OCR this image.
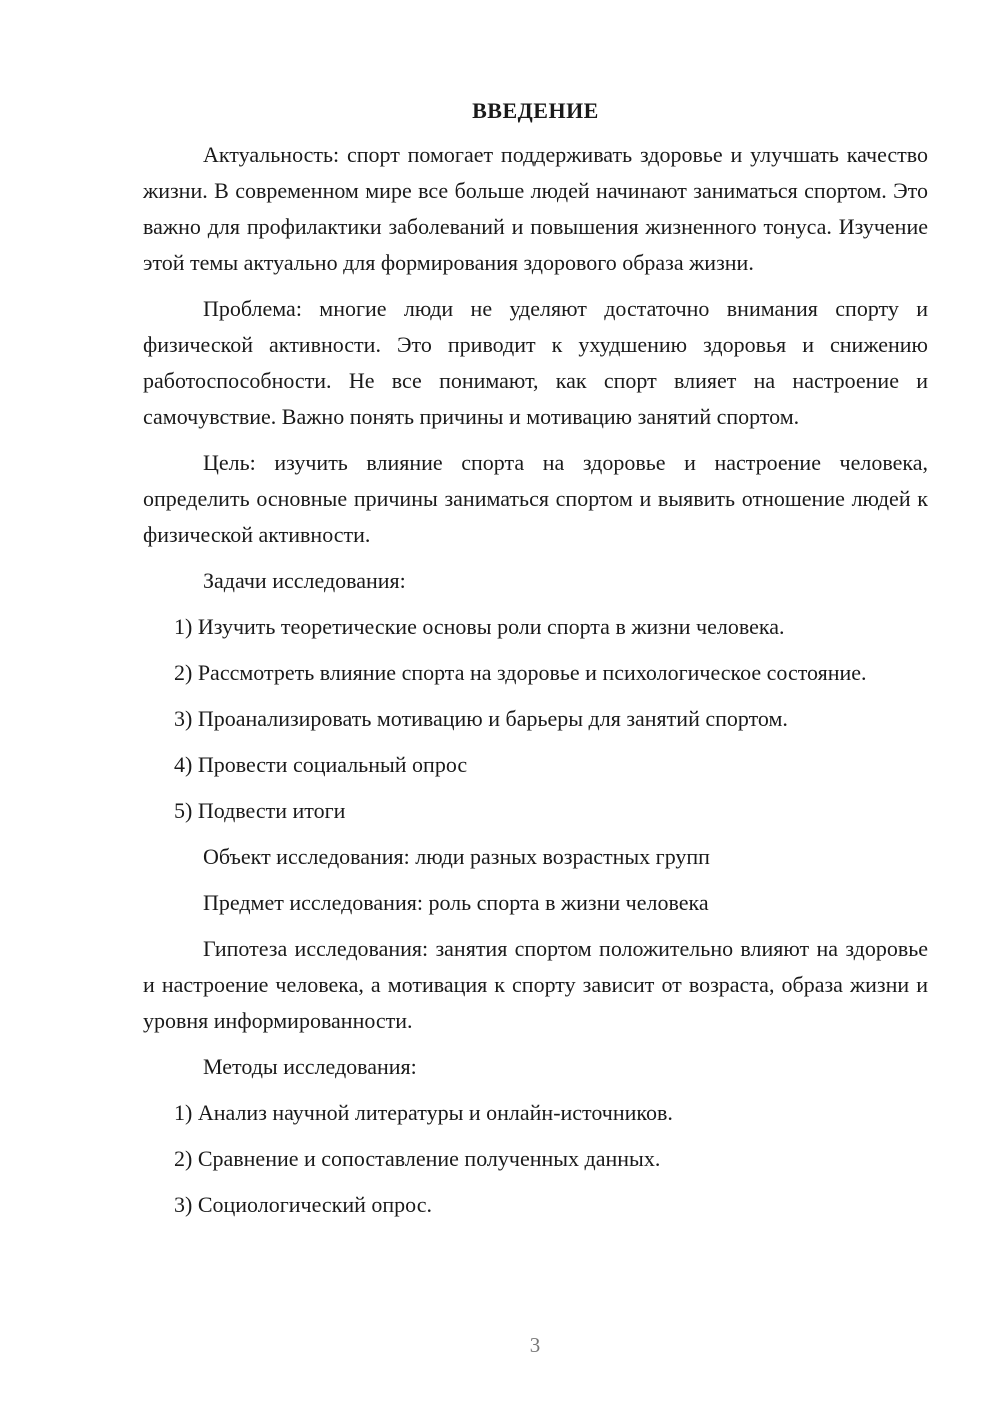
ВВЕДЕНИЕ

Актуальность: спорт помогает поддерживать здоровье и улучшать качество жизни. В современном мире все больше людей начинают заниматься спортом. Это важно для профилактики заболеваний и повышения жизненного тонуса. Изучение этой темы актуально для формирования здорового образа жизни.

Проблема: многие люди не уделяют достаточно внимания спорту и физической активности. Это приводит к ухудшению здоровья и снижению работоспособности. Не все понимают, как спорт влияет на настроение и самочувствие. Важно понять причины и мотивацию занятий спортом.

Цель: изучить влияние спорта на здоровье и настроение человека, определить основные причины заниматься спортом и выявить отношение людей к физической активности.

Задачи исследования:

1) Изучить теоретические основы роли спорта в жизни человека.

2) Рассмотреть влияние спорта на здоровье и психологическое состояние.

3) Проанализировать мотивацию и барьеры для занятий спортом.

4) Провести социальный опрос

5) Подвести итоги

Объект исследования: люди разных возрастных групп

Предмет исследования: роль спорта в жизни человека

Гипотеза исследования: занятия спортом положительно влияют на здоровье и настроение человека, а мотивация к спорту зависит от возраста, образа жизни и уровня информированности.

Методы исследования:

1) Анализ научной литературы и онлайн-источников.

2) Сравнение и сопоставление полученных данных.

3) Социологический опрос.

3
